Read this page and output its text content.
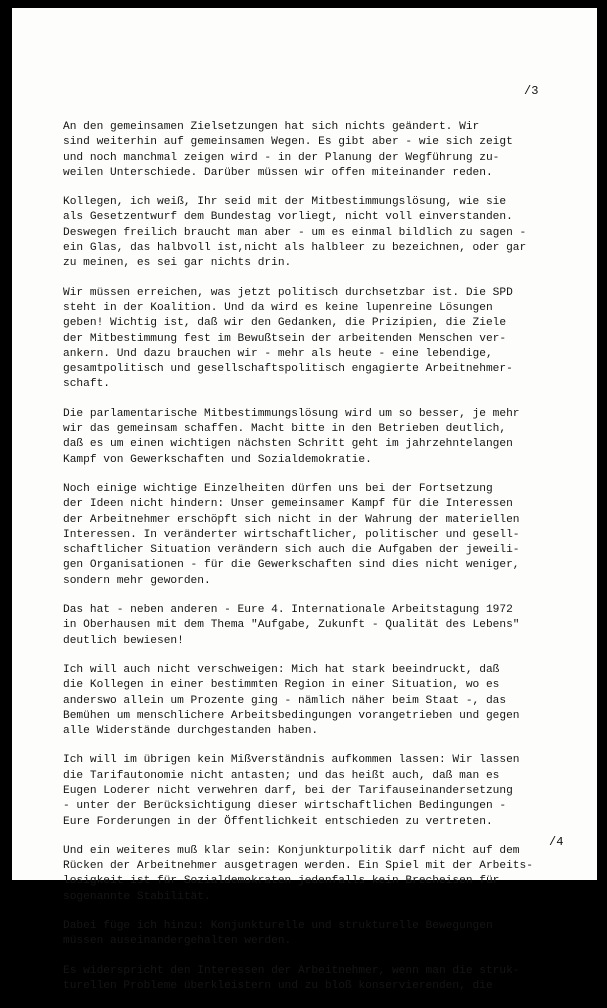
/3

An den gemeinsamen Zielsetzungen hat sich nichts geändert. Wir
sind weiterhin auf gemeinsamen Wegen. Es gibt aber - wie sich zeigt
und noch manchmal zeigen wird - in der Planung der Wegführung zu-
weilen Unterschiede. Darüber müssen wir offen miteinander reden.

Kollegen, ich weiß, Ihr seid mit der Mitbestimmungslösung, wie sie
als Gesetzentwurf dem Bundestag vorliegt, nicht voll einverstanden.
Deswegen freilich braucht man aber - um es einmal bildlich zu sagen -
ein Glas, das halbvoll ist,nicht als halbleer zu bezeichnen, oder gar
zu meinen, es sei gar nichts drin.

Wir müssen erreichen, was jetzt politisch durchsetzbar ist. Die SPD
steht in der Koalition. Und da wird es keine lupenreine Lösungen
geben! Wichtig ist, daß wir den Gedanken, die Prizipien, die Ziele
der Mitbestimmung fest im Bewußtsein der arbeitenden Menschen ver-
ankern. Und dazu brauchen wir - mehr als heute - eine lebendige,
gesamtpolitisch und gesellschaftspolitisch engagierte Arbeitnehmer-
schaft.

Die parlamentarische Mitbestimmungslösung wird um so besser, je mehr
wir das gemeinsam schaffen. Macht bitte in den Betrieben deutlich,
daß es um einen wichtigen nächsten Schritt geht im jahrzehntelangen
Kampf von Gewerkschaften und Sozialdemokratie.

Noch einige wichtige Einzelheiten dürfen uns bei der Fortsetzung
der Ideen nicht hindern: Unser gemeinsamer Kampf für die Interessen
der Arbeitnehmer erschöpft sich nicht in der Wahrung der materiellen
Interessen. In veränderter wirtschaftlicher, politischer und gesell-
schaftlicher Situation verändern sich auch die Aufgaben der jeweili-
gen Organisationen - für die Gewerkschaften sind dies nicht weniger,
sondern mehr geworden.

Das hat - neben anderen - Eure 4. Internationale Arbeitstagung 1972
in Oberhausen mit dem Thema "Aufgabe, Zukunft - Qualität des Lebens"
deutlich bewiesen!

Ich will auch nicht verschweigen: Mich hat stark beeindruckt, daß
die Kollegen in einer bestimmten Region in einer Situation, wo es
anderswo allein um Prozente ging - nämlich näher beim Staat -, das
Bemühen um menschlichere Arbeitsbedingungen vorangetrieben und gegen
alle Widerstände durchgestanden haben.

Ich will im übrigen kein Mißverständnis aufkommen lassen: Wir lassen
die Tarifautonomie nicht antasten; und das heißt auch, daß man es
Eugen Loderer nicht verwehren darf, bei der Tarifauseinandersetzung
- unter der Berücksichtigung dieser wirtschaftlichen Bedingungen -
Eure Forderungen in der Öffentlichkeit entschieden zu vertreten.

Und ein weiteres muß klar sein: Konjunkturpolitik darf nicht auf dem
Rücken der Arbeitnehmer ausgetragen werden. Ein Spiel mit der Arbeits-
losigkeit ist für Sozialdemokraten jedenfalls kein Brecheisen für
sogenannte Stabilität.

Dabei füge ich hinzu: Konjunkturelle und strukturelle Bewegungen
müssen auseinandergehalten werden.

Es widerspricht den Interessen der Arbeitnehmer, wenn man die struk-
turellen Probleme überkleistern und zu bloß konservierenden, die

/4
